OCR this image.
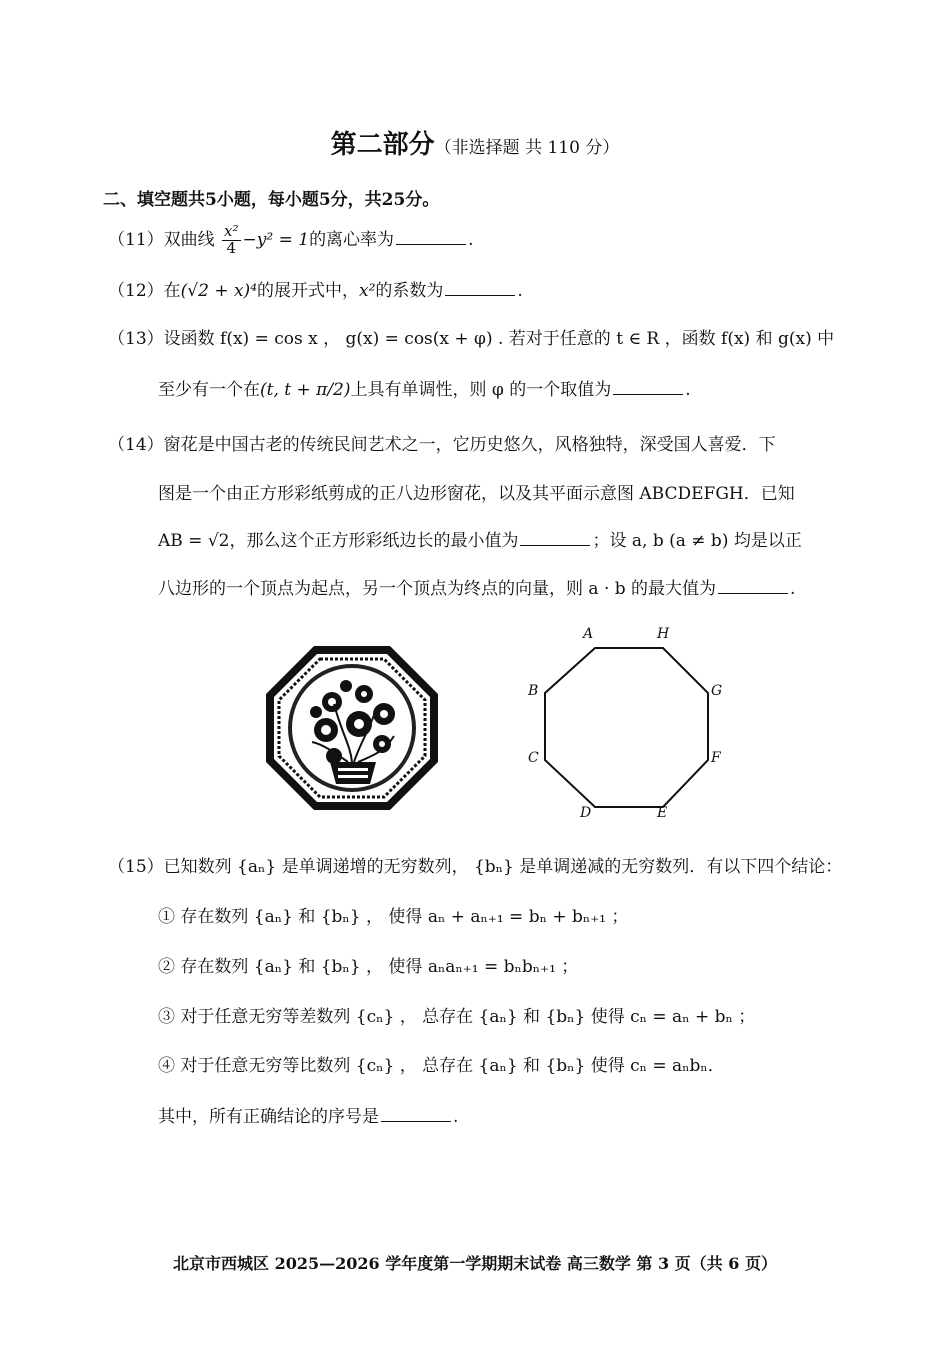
第二部分（非选择题 共 110 分）
二、填空题共5小题，每小题5分，共25分。
（11）双曲线 $\frac{\text{x²}}{4} -y^2 = 1$的离心率为	.
（12）在(√2 + x)⁴的展开式中，x²的系数为	.
（13）设函数 f(x) = cos x ， g(x) = cos(x + φ) . 若对于任意的 t ∈ R ，函数 f(x) 和 g(x) 中
至少有一个在(t, t + π/2)上具有单调性，则 φ 的一个取值为	.
（14）窗花是中国古老的传统民间艺术之一，它历史悠久，风格独特，深受国人喜爱．下
图是一个由正方形彩纸剪成的正八边形窗花，以及其平面示意图 ABCDEFGH．已知
AB = √2，那么这个正方形彩纸边长的最小值为	；设 a, b (a ≠ b) 均是以正
八边形的一个顶点为起点，另一个顶点为终点的向量，则 a · b 的最大值为	.
A	H
G
F
E
D
C
B
（15）已知数列 {aₙ} 是单调递增的无穷数列， {bₙ} 是单调递减的无穷数列．有以下四个结论：
① 存在数列 {aₙ} 和 {bₙ} ， 使得 aₙ + aₙ₊₁ = bₙ + bₙ₊₁ ；
② 存在数列 {aₙ} 和 {bₙ} ， 使得 aₙaₙ₊₁ = bₙbₙ₊₁ ；
③ 对于任意无穷等差数列 {cₙ} ， 总存在 {aₙ} 和 {bₙ} 使得 cₙ = aₙ + bₙ ；
④ 对于任意无穷等比数列 {cₙ} ， 总存在 {aₙ} 和 {bₙ} 使得 cₙ = aₙbₙ．
其中，所有正确结论的序号是	.
北京市西城区 2025—2026 学年度第一学期期末试卷 高三数学 第 3 页（共 6 页）
